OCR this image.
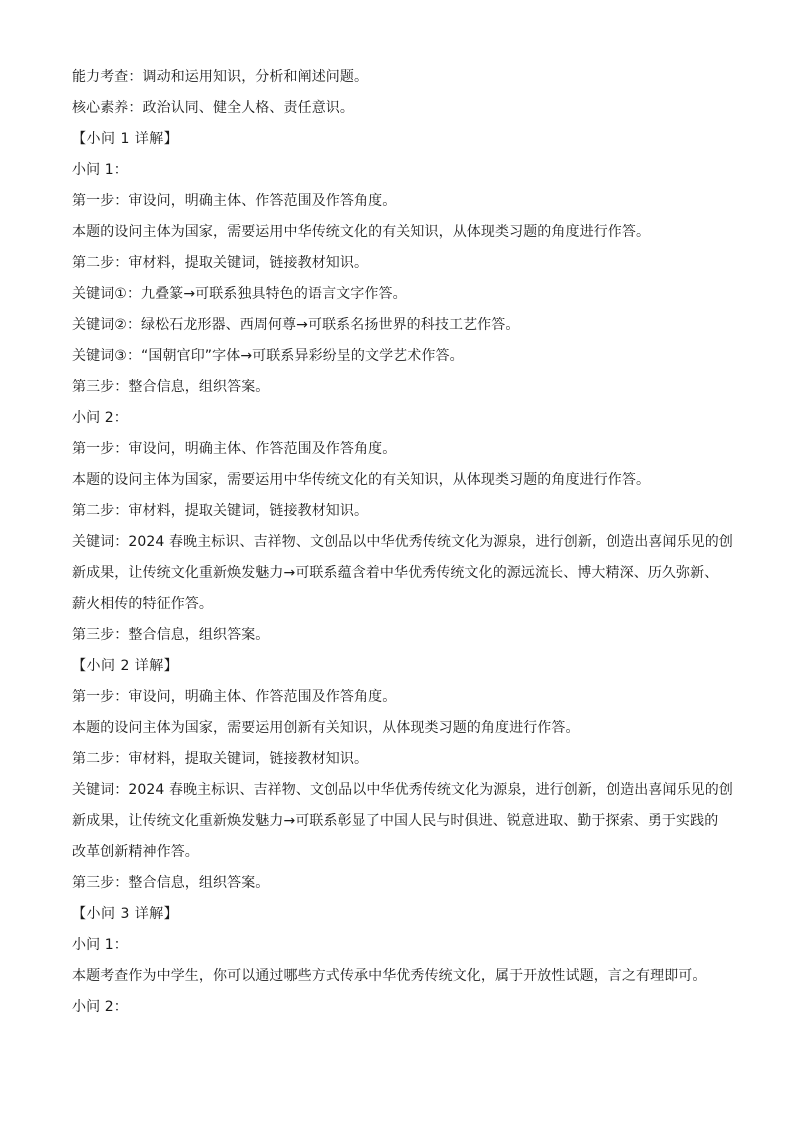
能力考查：调动和运用知识，分析和阐述问题。
核心素养：政治认同、健全人格、责任意识。
【小问 1 详解】
小问 1：
第一步：审设问，明确主体、作答范围及作答角度。
本题的设问主体为国家，需要运用中华传统文化的有关知识，从体现类习题的角度进行作答。
第二步：审材料，提取关键词，链接教材知识。
关键词①：九叠篆→可联系独具特色的语言文字作答。
关键词②：绿松石龙形器、西周何尊→可联系名扬世界的科技工艺作答。
关键词③：“国朝官印”字体→可联系异彩纷呈的文学艺术作答。
第三步：整合信息，组织答案。
小问 2：
第一步：审设问，明确主体、作答范围及作答角度。
本题的设问主体为国家，需要运用中华传统文化的有关知识，从体现类习题的角度进行作答。
第二步：审材料，提取关键词，链接教材知识。
关键词：2024 春晚主标识、吉祥物、文创品以中华优秀传统文化为源泉，进行创新，创造出喜闻乐见的创
新成果，让传统文化重新焕发魅力→可联系蕴含着中华优秀传统文化的源远流长、博大精深、历久弥新、
薪火相传的特征作答。
第三步：整合信息，组织答案。
【小问 2 详解】
第一步：审设问，明确主体、作答范围及作答角度。
本题的设问主体为国家，需要运用创新有关知识，从体现类习题的角度进行作答。
第二步：审材料，提取关键词，链接教材知识。
关键词：2024 春晚主标识、吉祥物、文创品以中华优秀传统文化为源泉，进行创新，创造出喜闻乐见的创
新成果，让传统文化重新焕发魅力→可联系彰显了中国人民与时俱进、锐意进取、勤于探索、勇于实践的
改革创新精神作答。
第三步：整合信息，组织答案。
【小问 3 详解】
小问 1：
本题考查作为中学生，你可以通过哪些方式传承中华优秀传统文化，属于开放性试题，言之有理即可。
小问 2：
